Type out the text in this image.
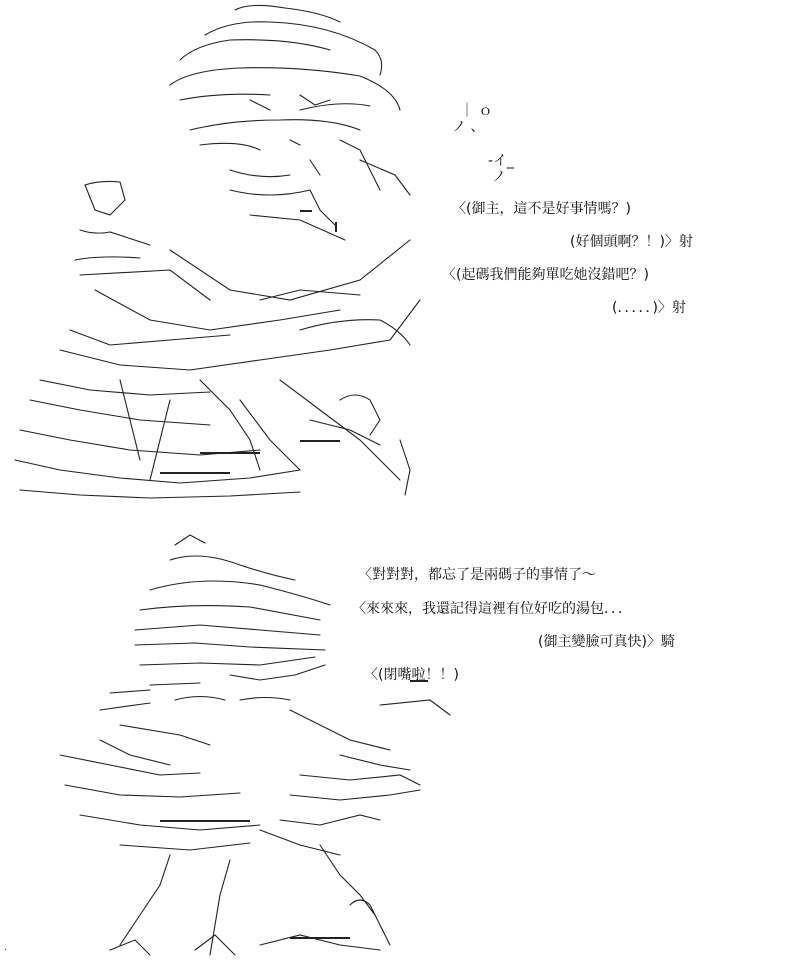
｜ ｏ
ノ 、
-イ_
ノ
〈(御主，這不是好事情嗎？)
(好個頭啊？！)〉射
〈(起碼我們能夠單吃她沒錯吧？)
(．．．．．)〉射
〈對對對，都忘了是兩碼子的事情了～
〈來來來，我還記得這裡有位好吃的湯包．．．
(御主變臉可真快)〉騎
〈(閉嘴啦！！)
.
